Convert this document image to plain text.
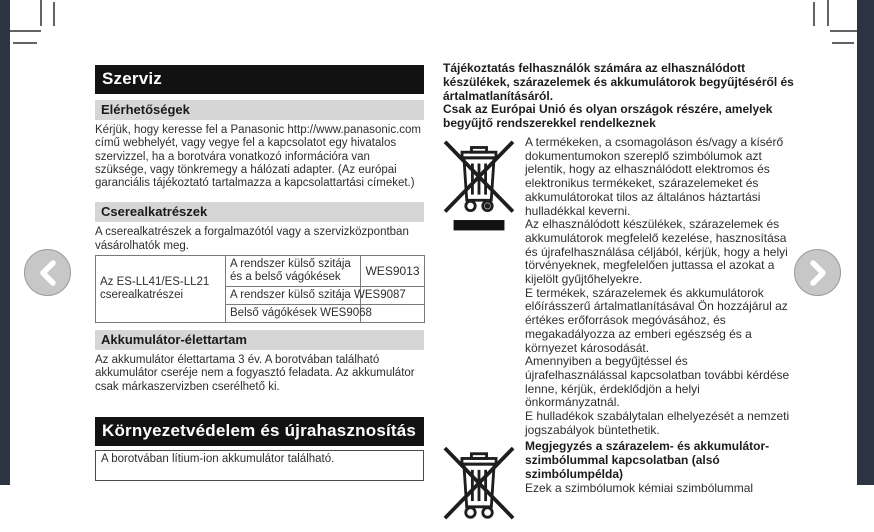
Szerviz
Elérhetőségek
Kérjük, hogy keresse fel a Panasonic http://www.panasonic.com című webhelyét, vagy vegye fel a kapcsolatot egy hivatalos szervizzel, ha a borotvára vonatkozó információra van szüksége, vagy tönkremegy a hálózati adapter. (Az európai garanciális tájékoztató tartalmazza a kapcsolattartási címeket.)
Cserealkatrészek
A cserealkatrészek a forgalmazótól vagy a szervizközpontban vásárolhatók meg.
Az ES-LL41/ES-LL21 cserealkatrészei	A rendszer külső szitája és a belső vágókések	WES9013
	A rendszer külső szitája WES9087	
	Belső vágókések WES9068	
Akkumulátor-élettartam
Az akkumulátor élettartama 3 év. A borotvában található akkumulátor cseréje nem a fogyasztó feladata. Az akkumulátor csak márkaszervizben cserélhető ki.
Környezetvédelem és újrahasznosítás
A borotvában lítium-ion akkumulátor található.
Tájékoztatás felhasználók számára az elhasználódott készülékek, szárazelemek és akkumulátorok begyűjtéséről és ártalmatlanításáról.
Csak az Európai Unió és olyan országok részére, amelyek begyűjtő rendszerekkel rendelkeznek

A termékeken, a csomagoláson és/vagy a kísérő dokumentumokon szereplő szimbólumok azt jelentik, hogy az elhasználódott elektromos és elektronikus termékeket, szárazelemeket és akkumulátorokat tilos az általános háztartási hulladékkal keverni.

Az elhasználódott készülékek, szárazelemek és akkumulátorok megfelelő kezelése, hasznosítása és újrafelhasználása céljából, kérjük, hogy a helyi törvényeknek, megfelelően juttassa el azokat a kijelölt gyűjtőhelyekre.

E termékek, szárazelemek és akkumulátorok előírásszerű ártalmatlanításával Ön hozzájárul az értékes erőforrások megóvásához, és megakadályozza az emberi egészség és a környezet károsodását.

Amennyiben a begyűjtéssel és újrafelhasználással kapcsolatban további kérdése lenne, kérjük, érdeklődjön a helyi önkormányzatnál.

E hulladékok szabálytalan elhelyezését a nemzeti jogszabályok büntethetik.

Megjegyzés a szárazelem- és akkumulátor-szimbólummal kapcsolatban (alsó szimbólumpélda)

Ezek a szimbólumok kémiai szimbólummal
